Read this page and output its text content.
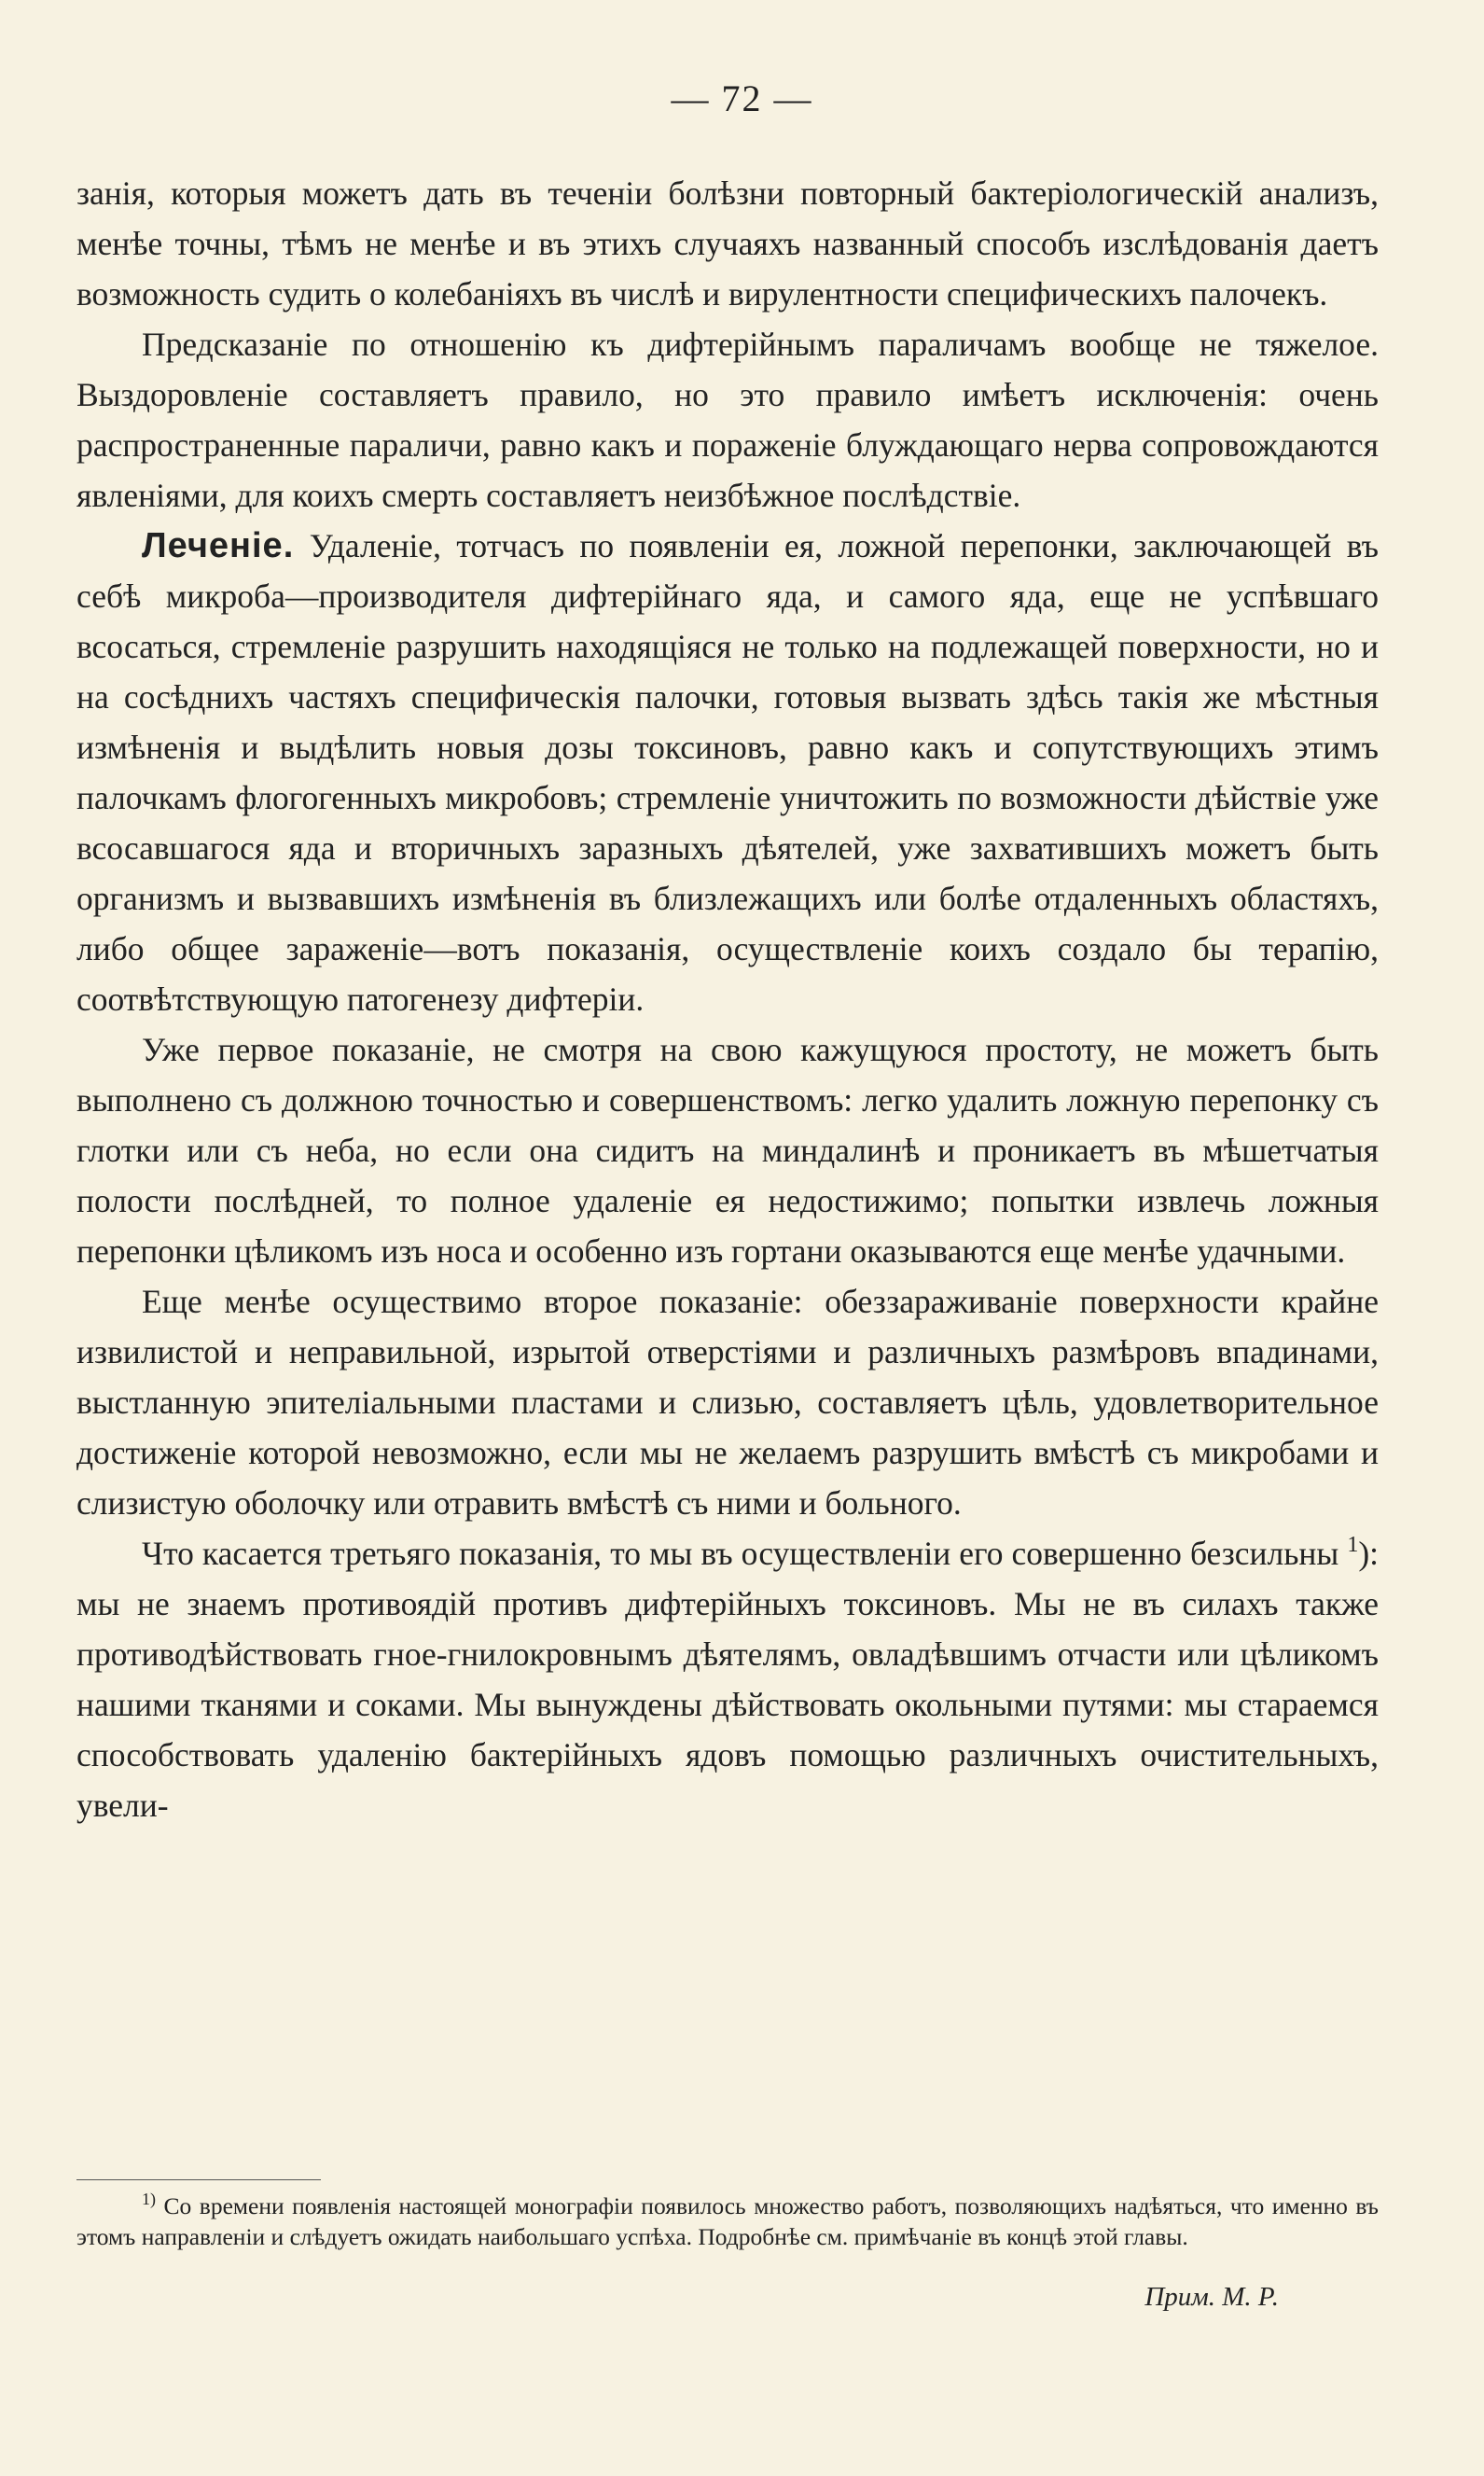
— 72 —

занія, которыя можетъ дать въ теченіи болѣзни повторный бактеріологическій анализъ, менѣе точны, тѣмъ не менѣе и въ этихъ случаяхъ названный способъ изслѣдованія даетъ возможность судить о колебаніяхъ въ числѣ и вирулентности специфическихъ палочекъ.

Предсказаніе по отношенію къ дифтерійнымъ параличамъ вообще не тяжелое. Выздоровленіе составляетъ правило, но это правило имѣетъ исключенія: очень распространенные параличи, равно какъ и пораженіе блуждающаго нерва сопровождаются явленіями, для коихъ смерть составляетъ неизбѣжное послѣдствіе.

Леченіе. Удаленіе, тотчасъ по появленіи ея, ложной перепонки, заключающей въ себѣ микроба—производителя дифтерійнаго яда, и самого яда, еще не успѣвшаго всосаться, стремленіе разрушить находящіяся не только на подлежащей поверхности, но и на сосѣднихъ частяхъ специфическія палочки, готовыя вызвать здѣсь такія же мѣстныя измѣненія и выдѣлить новыя дозы токсиновъ, равно какъ и сопутствующихъ этимъ палочкамъ флогогенныхъ микробовъ; стремленіе уничтожить по возможности дѣйствіе уже всосавшагося яда и вторичныхъ заразныхъ дѣятелей, уже захватившихъ можетъ быть организмъ и вызвавшихъ измѣненія въ близлежащихъ или болѣе отдаленныхъ областяхъ, либо общее зараженіе—вотъ показанія, осуществленіе коихъ создало бы терапію, соотвѣтствующую патогенезу дифтеріи.

Уже первое показаніе, не смотря на свою кажущуюся простоту, не можетъ быть выполнено съ должною точностью и совершенствомъ: легко удалить ложную перепонку съ глотки или съ неба, но если она сидитъ на миндалинѣ и проникаетъ въ мѣшетчатыя полости послѣдней, то полное удаленіе ея недостижимо; попытки извлечь ложныя перепонки цѣликомъ изъ носа и особенно изъ гортани оказываются еще менѣе удачными.

Еще менѣе осуществимо второе показаніе: обеззараживаніе поверхности крайне извилистой и неправильной, изрытой отверстіями и различныхъ размѣровъ впадинами, выстланную эпителіальными пластами и слизью, составляетъ цѣль, удовлетворительное достиженіе которой невозможно, если мы не желаемъ разрушить вмѣстѣ съ микробами и слизистую оболочку или отравить вмѣстѣ съ ними и больного.

Что касается третьяго показанія, то мы въ осуществленіи его совершенно безсильны $^1$): мы не знаемъ противоядій противъ дифтерійныхъ токсиновъ. Мы не въ силахъ также противодѣйствовать гное-гнилокровнымъ дѣятелямъ, овладѣвшимъ отчасти или цѣликомъ нашими тканями и соками. Мы вынуждены дѣйствовать окольными путями: мы стараемся способствовать удаленію бактерійныхъ ядовъ помощью различныхъ очистительныхъ, увели-

$^{1)}$ Со времени появленія настоящей монографіи появилось множество работъ, позволяющихъ надѣяться, что именно въ этомъ направленіи и слѣдуетъ ожидать наибольшаго успѣха. Подробнѣе см. примѣчаніе въ концѣ этой главы.

Прим. М. Р.
